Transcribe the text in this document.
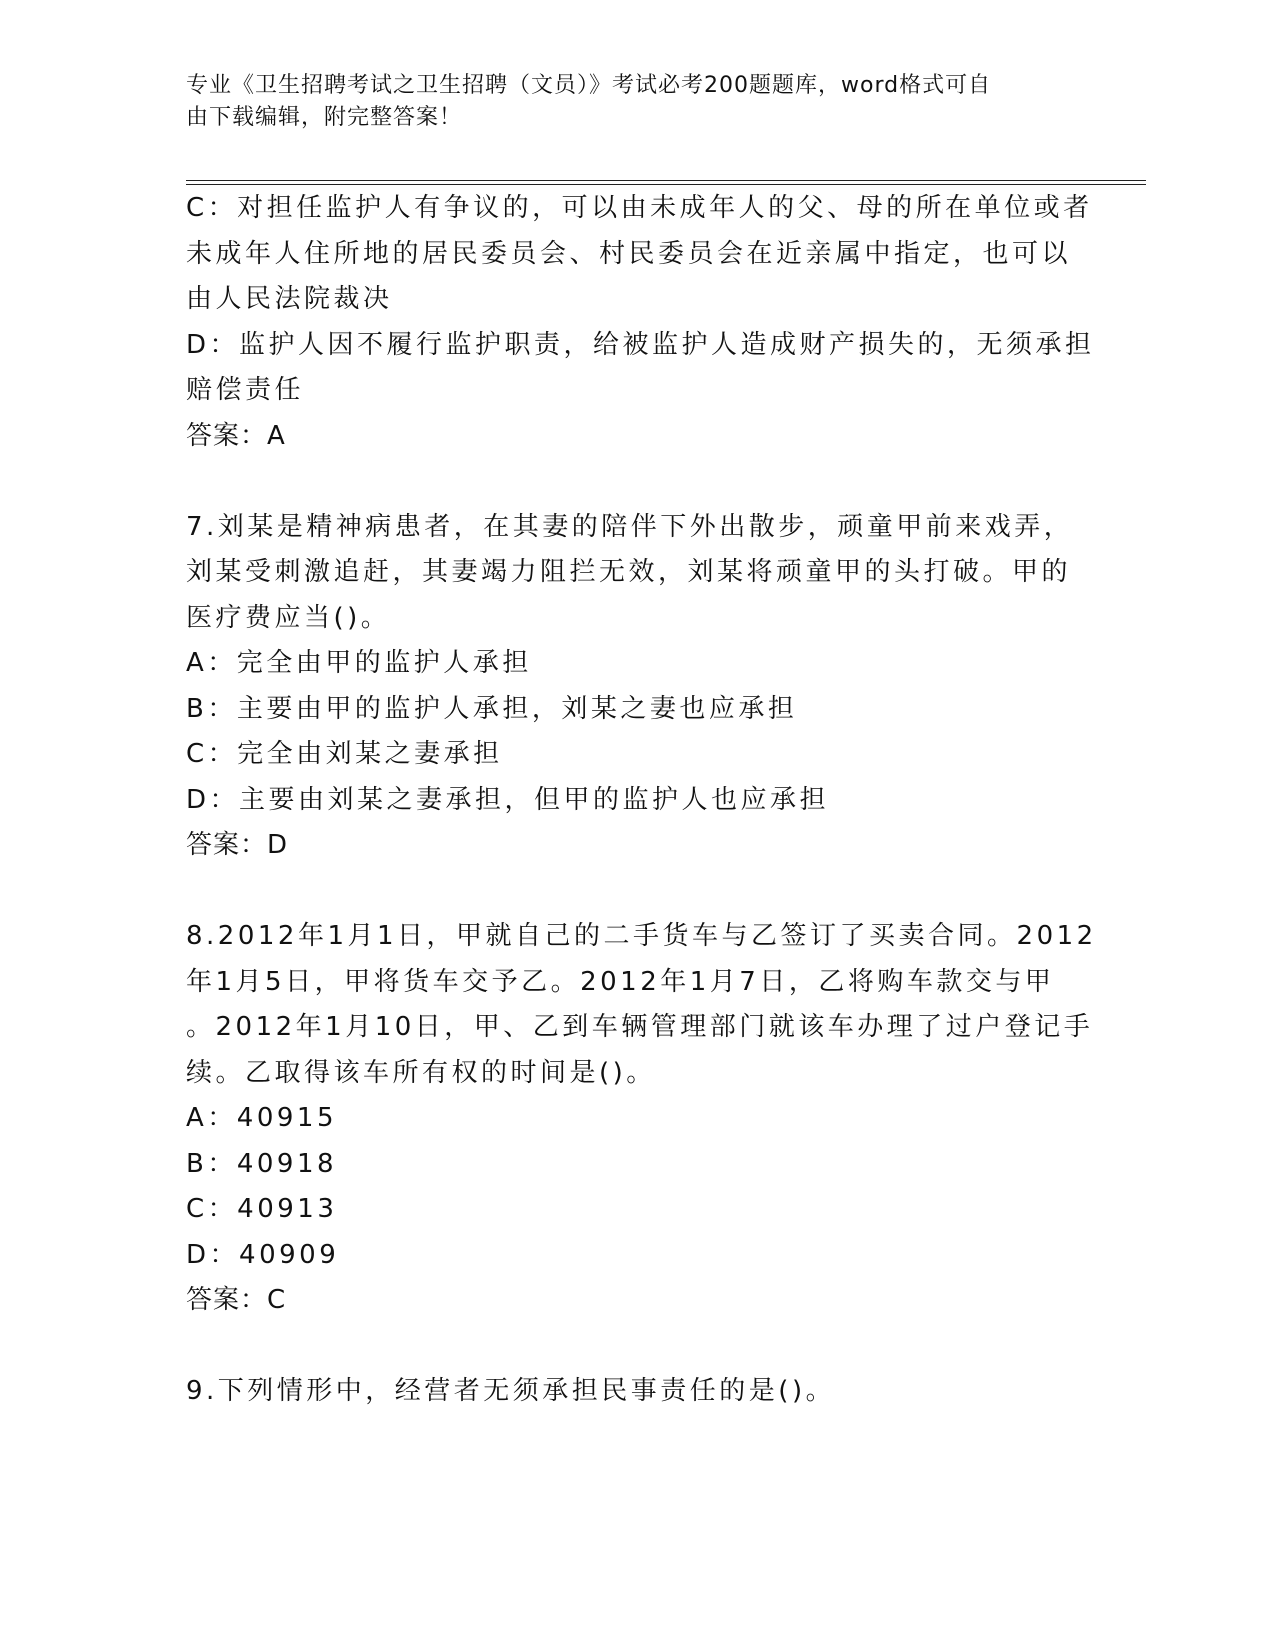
专业《卫生招聘考试之卫生招聘（文员）》考试必考200题题库，word格式可自
由下载编辑，附完整答案！
C：对担任监护人有争议的，可以由未成年人的父、母的所在单位或者
未成年人住所地的居民委员会、村民委员会在近亲属中指定，也可以
由人民法院裁决
D：监护人因不履行监护职责，给被监护人造成财产损失的，无须承担
赔偿责任
答案：A
7.刘某是精神病患者，在其妻的陪伴下外出散步，顽童甲前来戏弄，
刘某受刺激追赶，其妻竭力阻拦无效，刘某将顽童甲的头打破。甲的
医疗费应当()。
A：完全由甲的监护人承担
B：主要由甲的监护人承担，刘某之妻也应承担
C：完全由刘某之妻承担
D：主要由刘某之妻承担，但甲的监护人也应承担
答案：D
8.2012年1月1日，甲就自己的二手货车与乙签订了买卖合同。2012
年1月5日，甲将货车交予乙。2012年1月7日，乙将购车款交与甲
。2012年1月10日，甲、乙到车辆管理部门就该车办理了过户登记手
续。乙取得该车所有权的时间是()。
A：40915
B：40918
C：40913
D：40909
答案：C
9.下列情形中，经营者无须承担民事责任的是()。
